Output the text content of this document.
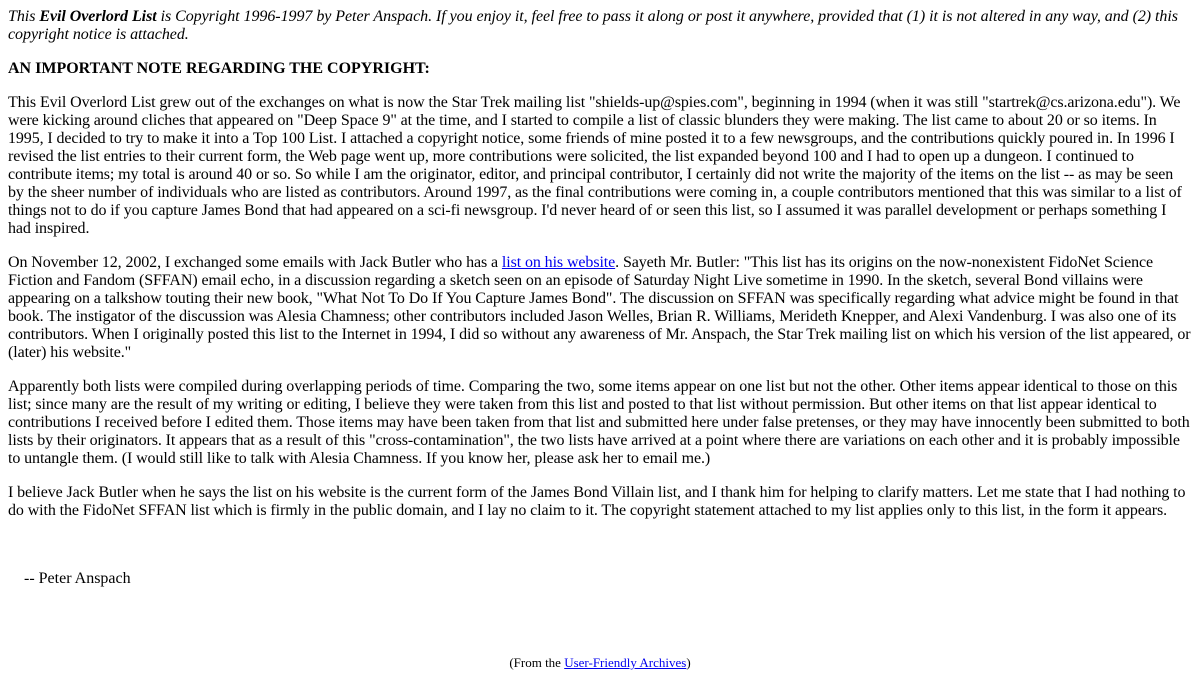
This Evil Overlord List is Copyright 1996-1997 by Peter Anspach. If you enjoy it, feel free to pass it along or post it anywhere, provided that (1) it is not altered in any way, and (2) this copyright notice is attached.

AN IMPORTANT NOTE REGARDING THE COPYRIGHT:

This Evil Overlord List grew out of the exchanges on what is now the Star Trek mailing list "shields-up@spies.com", beginning in 1994 (when it was still "startrek@cs.arizona.edu"). We were kicking around cliches that appeared on "Deep Space 9" at the time, and I started to compile a list of classic blunders they were making. The list came to about 20 or so items. In 1995, I decided to try to make it into a Top 100 List. I attached a copyright notice, some friends of mine posted it to a few newsgroups, and the contributions quickly poured in. In 1996 I revised the list entries to their current form, the Web page went up, more contributions were solicited, the list expanded beyond 100 and I had to open up a dungeon. I continued to contribute items; my total is around 40 or so. So while I am the originator, editor, and principal contributor, I certainly did not write the majority of the items on the list -- as may be seen by the sheer number of individuals who are listed as contributors. Around 1997, as the final contributions were coming in, a couple contributors mentioned that this was similar to a list of things not to do if you capture James Bond that had appeared on a sci-fi newsgroup. I'd never heard of or seen this list, so I assumed it was parallel development or perhaps something I had inspired.

On November 12, 2002, I exchanged some emails with Jack Butler who has a list on his website. Sayeth Mr. Butler: "This list has its origins on the now-nonexistent FidoNet Science Fiction and Fandom (SFFAN) email echo, in a discussion regarding a sketch seen on an episode of Saturday Night Live sometime in 1990. In the sketch, several Bond villains were appearing on a talkshow touting their new book, "What Not To Do If You Capture James Bond". The discussion on SFFAN was specifically regarding what advice might be found in that book. The instigator of the discussion was Alesia Chamness; other contributors included Jason Welles, Brian R. Williams, Merideth Knepper, and Alexi Vandenburg. I was also one of its contributors. When I originally posted this list to the Internet in 1994, I did so without any awareness of Mr. Anspach, the Star Trek mailing list on which his version of the list appeared, or (later) his website."

Apparently both lists were compiled during overlapping periods of time. Comparing the two, some items appear on one list but not the other. Other items appear identical to those on this list; since many are the result of my writing or editing, I believe they were taken from this list and posted to that list without permission. But other items on that list appear identical to contributions I received before I edited them. Those items may have been taken from that list and submitted here under false pretenses, or they may have innocently been submitted to both lists by their originators. It appears that as a result of this "cross-contamination", the two lists have arrived at a point where there are variations on each other and it is probably impossible to untangle them. (I would still like to talk with Alesia Chamness. If you know her, please ask her to email me.)

I believe Jack Butler when he says the list on his website is the current form of the James Bond Villain list, and I thank him for helping to clarify matters. Let me state that I had nothing to do with the FidoNet SFFAN list which is firmly in the public domain, and I lay no claim to it. The copyright statement attached to my list applies only to this list, in the form it appears.

-- Peter Anspach

(From the User-Friendly Archives)
